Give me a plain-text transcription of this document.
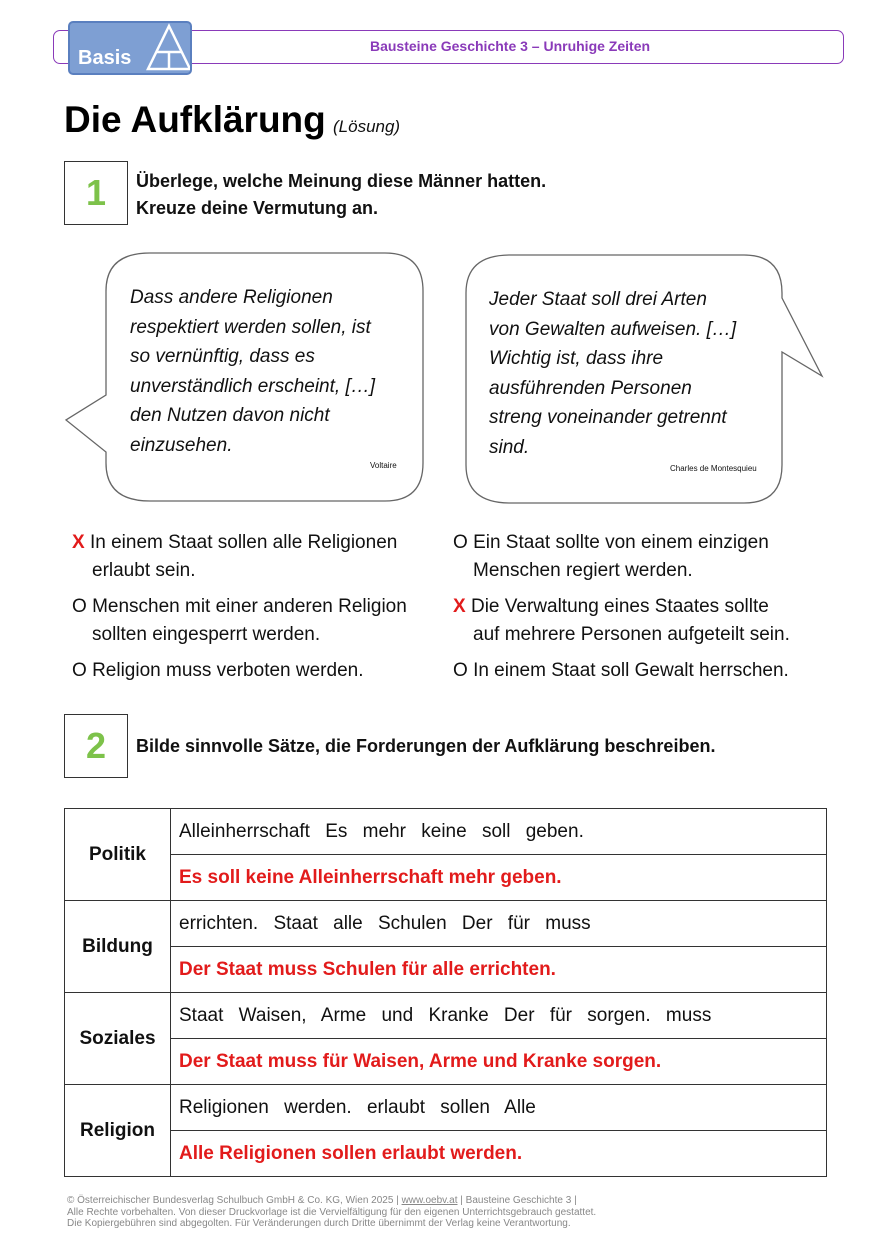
Bausteine Geschichte 3 – Unruhige Zeiten
Basis
Die Aufklärung (Lösung)
1 Überlege, welche Meinung diese Männer hatten.
Kreuze deine Vermutung an.
Dass andere Religionen
respektiert werden sollen, ist
so vernünftig, dass es
unverständlich erscheint, […]
den Nutzen davon nicht
einzusehen.
Voltaire
Jeder Staat soll drei Arten
von Gewalten aufweisen. […]
Wichtig ist, dass ihre
ausführenden Personen
streng voneinander getrennt
sind.
Charles de Montesquieu
X In einem Staat sollen alle Religionen
erlaubt sein.
O Menschen mit einer anderen Religion
sollten eingesperrt werden.
O Religion muss verboten werden.
O Ein Staat sollte von einem einzigen
Menschen regiert werden.
X Die Verwaltung eines Staates sollte
auf mehrere Personen aufgeteilt sein.
O In einem Staat soll Gewalt herrschen.
2 Bilde sinnvolle Sätze, die Forderungen der Aufklärung beschreiben.
Politik	Alleinherrschaft Es mehr keine soll geben.
	Es soll keine Alleinherrschaft mehr geben.
Bildung	errichten. Staat alle Schulen Der für muss
	Der Staat muss Schulen für alle errichten.
Soziales	Staat Waisen, Arme und Kranke Der für sorgen. muss
	Der Staat muss für Waisen, Arme und Kranke sorgen.
Religion	Religionen werden. erlaubt sollen Alle
	Alle Religionen sollen erlaubt werden.
© Österreichischer Bundesverlag Schulbuch GmbH & Co. KG, Wien 2025 | www.oebv.at | Bausteine Geschichte 3 |
Alle Rechte vorbehalten. Von dieser Druckvorlage ist die Vervielfältigung für den eigenen Unterrichtsgebrauch gestattet.
Die Kopiergebühren sind abgegolten. Für Veränderungen durch Dritte übernimmt der Verlag keine Verantwortung.
